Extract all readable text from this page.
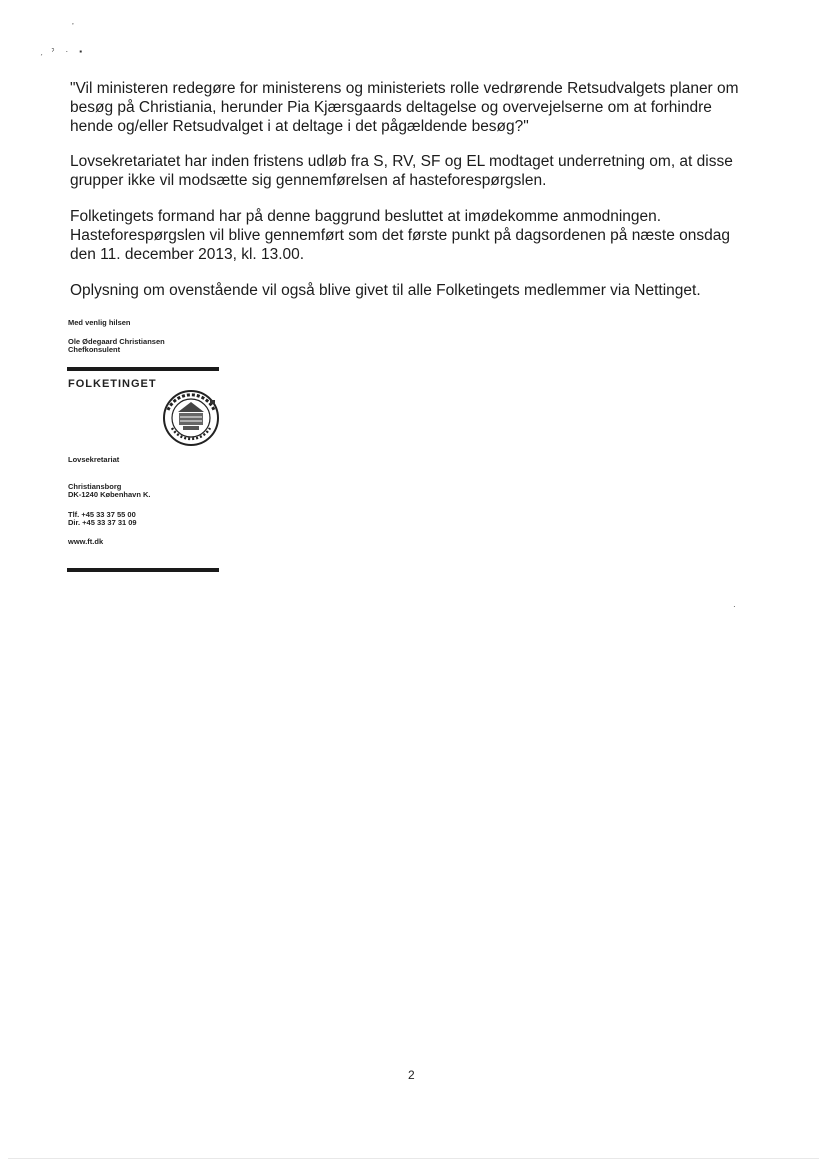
’
ˏ    ˀ     ·     ▪
·
"Vil ministeren redegøre for ministerens og ministeriets rolle vedrørende Retsudvalgets planer om
besøg på Christiania, herunder Pia Kjærsgaards deltagelse og overvejelserne om at forhindre
hende og/eller Retsudvalget i at deltage i det pågældende besøg?"
Lovsekretariatet har inden fristens udløb fra S, RV, SF og EL modtaget underretning om, at disse
grupper ikke vil modsætte sig gennemførelsen af hasteforespørgslen.
Folketingets formand har på denne baggrund besluttet at imødekomme anmodningen.
Hasteforespørgslen vil blive gennemført som det første punkt på dagsordenen på næste onsdag
den 11. december 2013, kl. 13.00.
Oplysning om ovenstående vil også blive givet til alle Folketingets medlemmer via Nettinget.
Med venlig hilsen
Ole Ødegaard Christiansen
Chefkonsulent
FOLKETINGET
Lovsekretariat
Christiansborg
DK-1240 København K.
Tlf. +45 33 37 55 00
Dir. +45 33 37 31 09
www.ft.dk
2
